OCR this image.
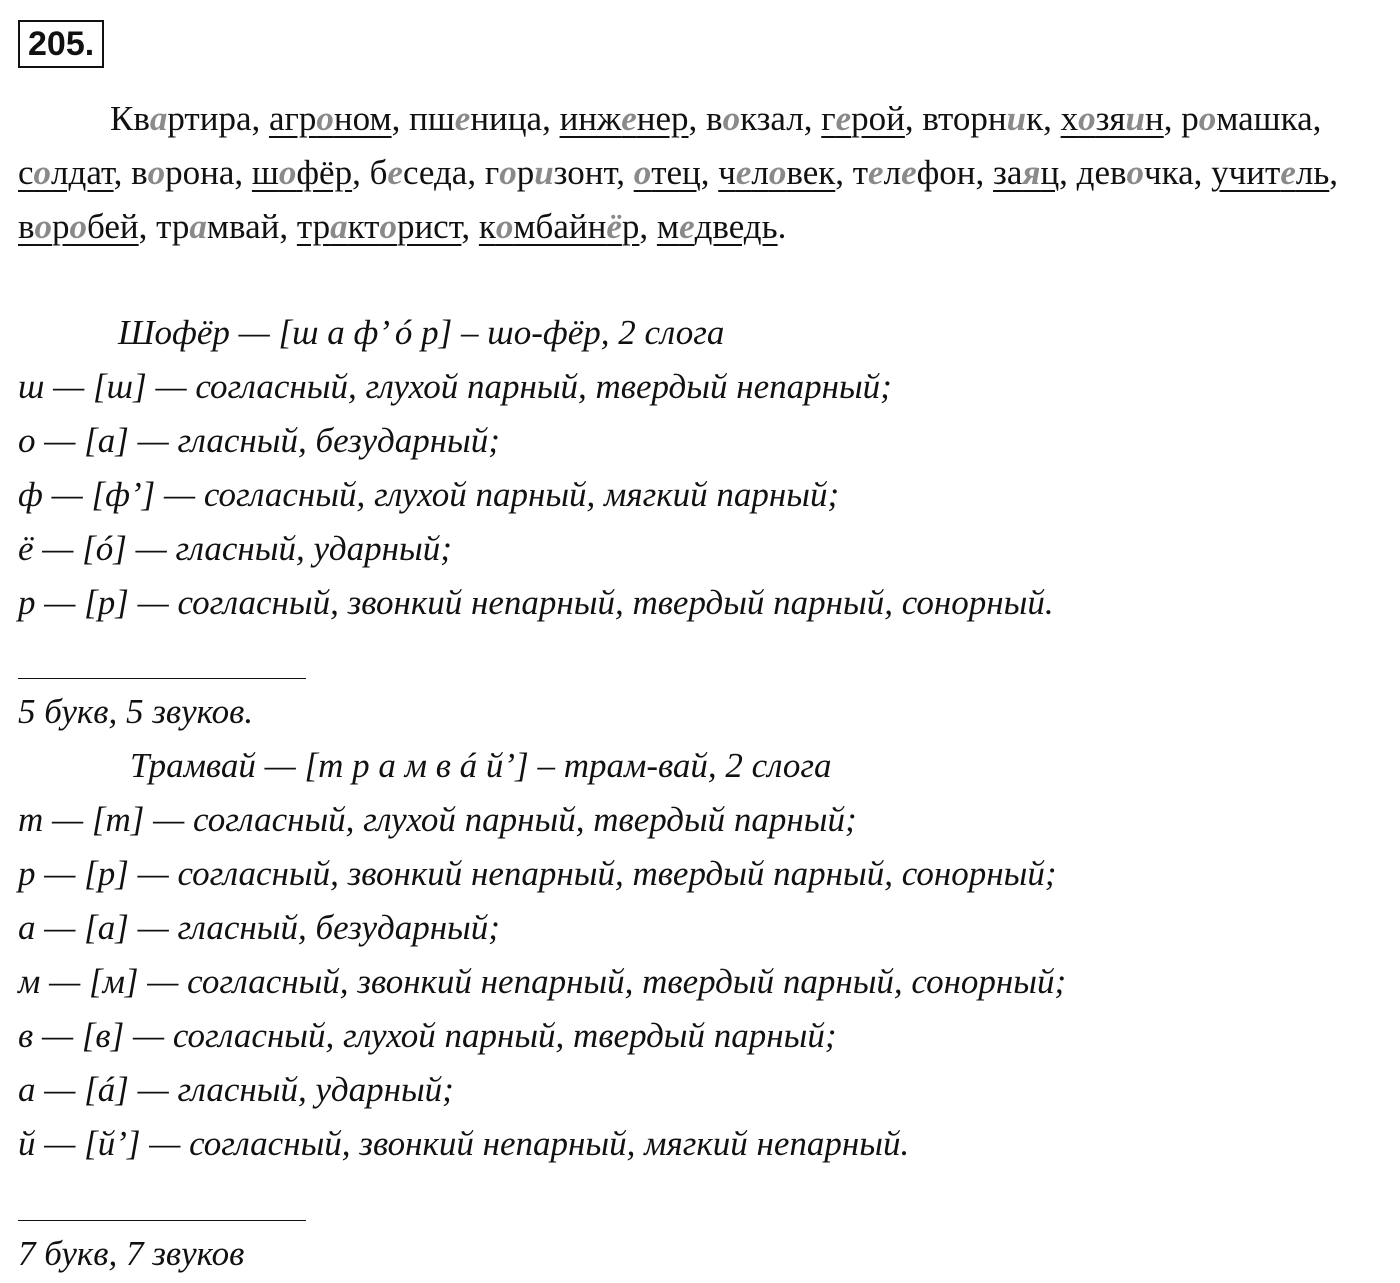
205.
Квартира, агроном, пшеница, инженер, вокзал, герой, вторник, хозяин, ромашка, солдат, ворона, шофёр, беседа, горизонт, отец, человек, телефон, заяц, девочка, учитель, воробей, трамвай, тракторист, комбайнёр, медведь.
Шофёр — [ш а ф’ ó р] – шо-фёр, 2 слога
ш — [ш] — согласный, глухой парный, твердый непарный;
о — [а] — гласный, безударный;
ф — [ф’] — согласный, глухой парный, мягкий парный;
ё — [ó] — гласный, ударный;
р — [р] — согласный, звонкий непарный, твердый парный, сонорный.
5 букв, 5 звуков.
Трамвай — [т р а м в á й’] – трам-вай, 2 слога
т — [т] — согласный, глухой парный, твердый парный;
р — [р] — согласный, звонкий непарный, твердый парный, сонорный;
а — [а] — гласный, безударный;
м — [м] — согласный, звонкий непарный, твердый парный, сонорный;
в — [в] — согласный, глухой парный, твердый парный;
а — [á] — гласный, ударный;
й — [й’] — согласный, звонкий непарный, мягкий непарный.
7 букв, 7 звуков
